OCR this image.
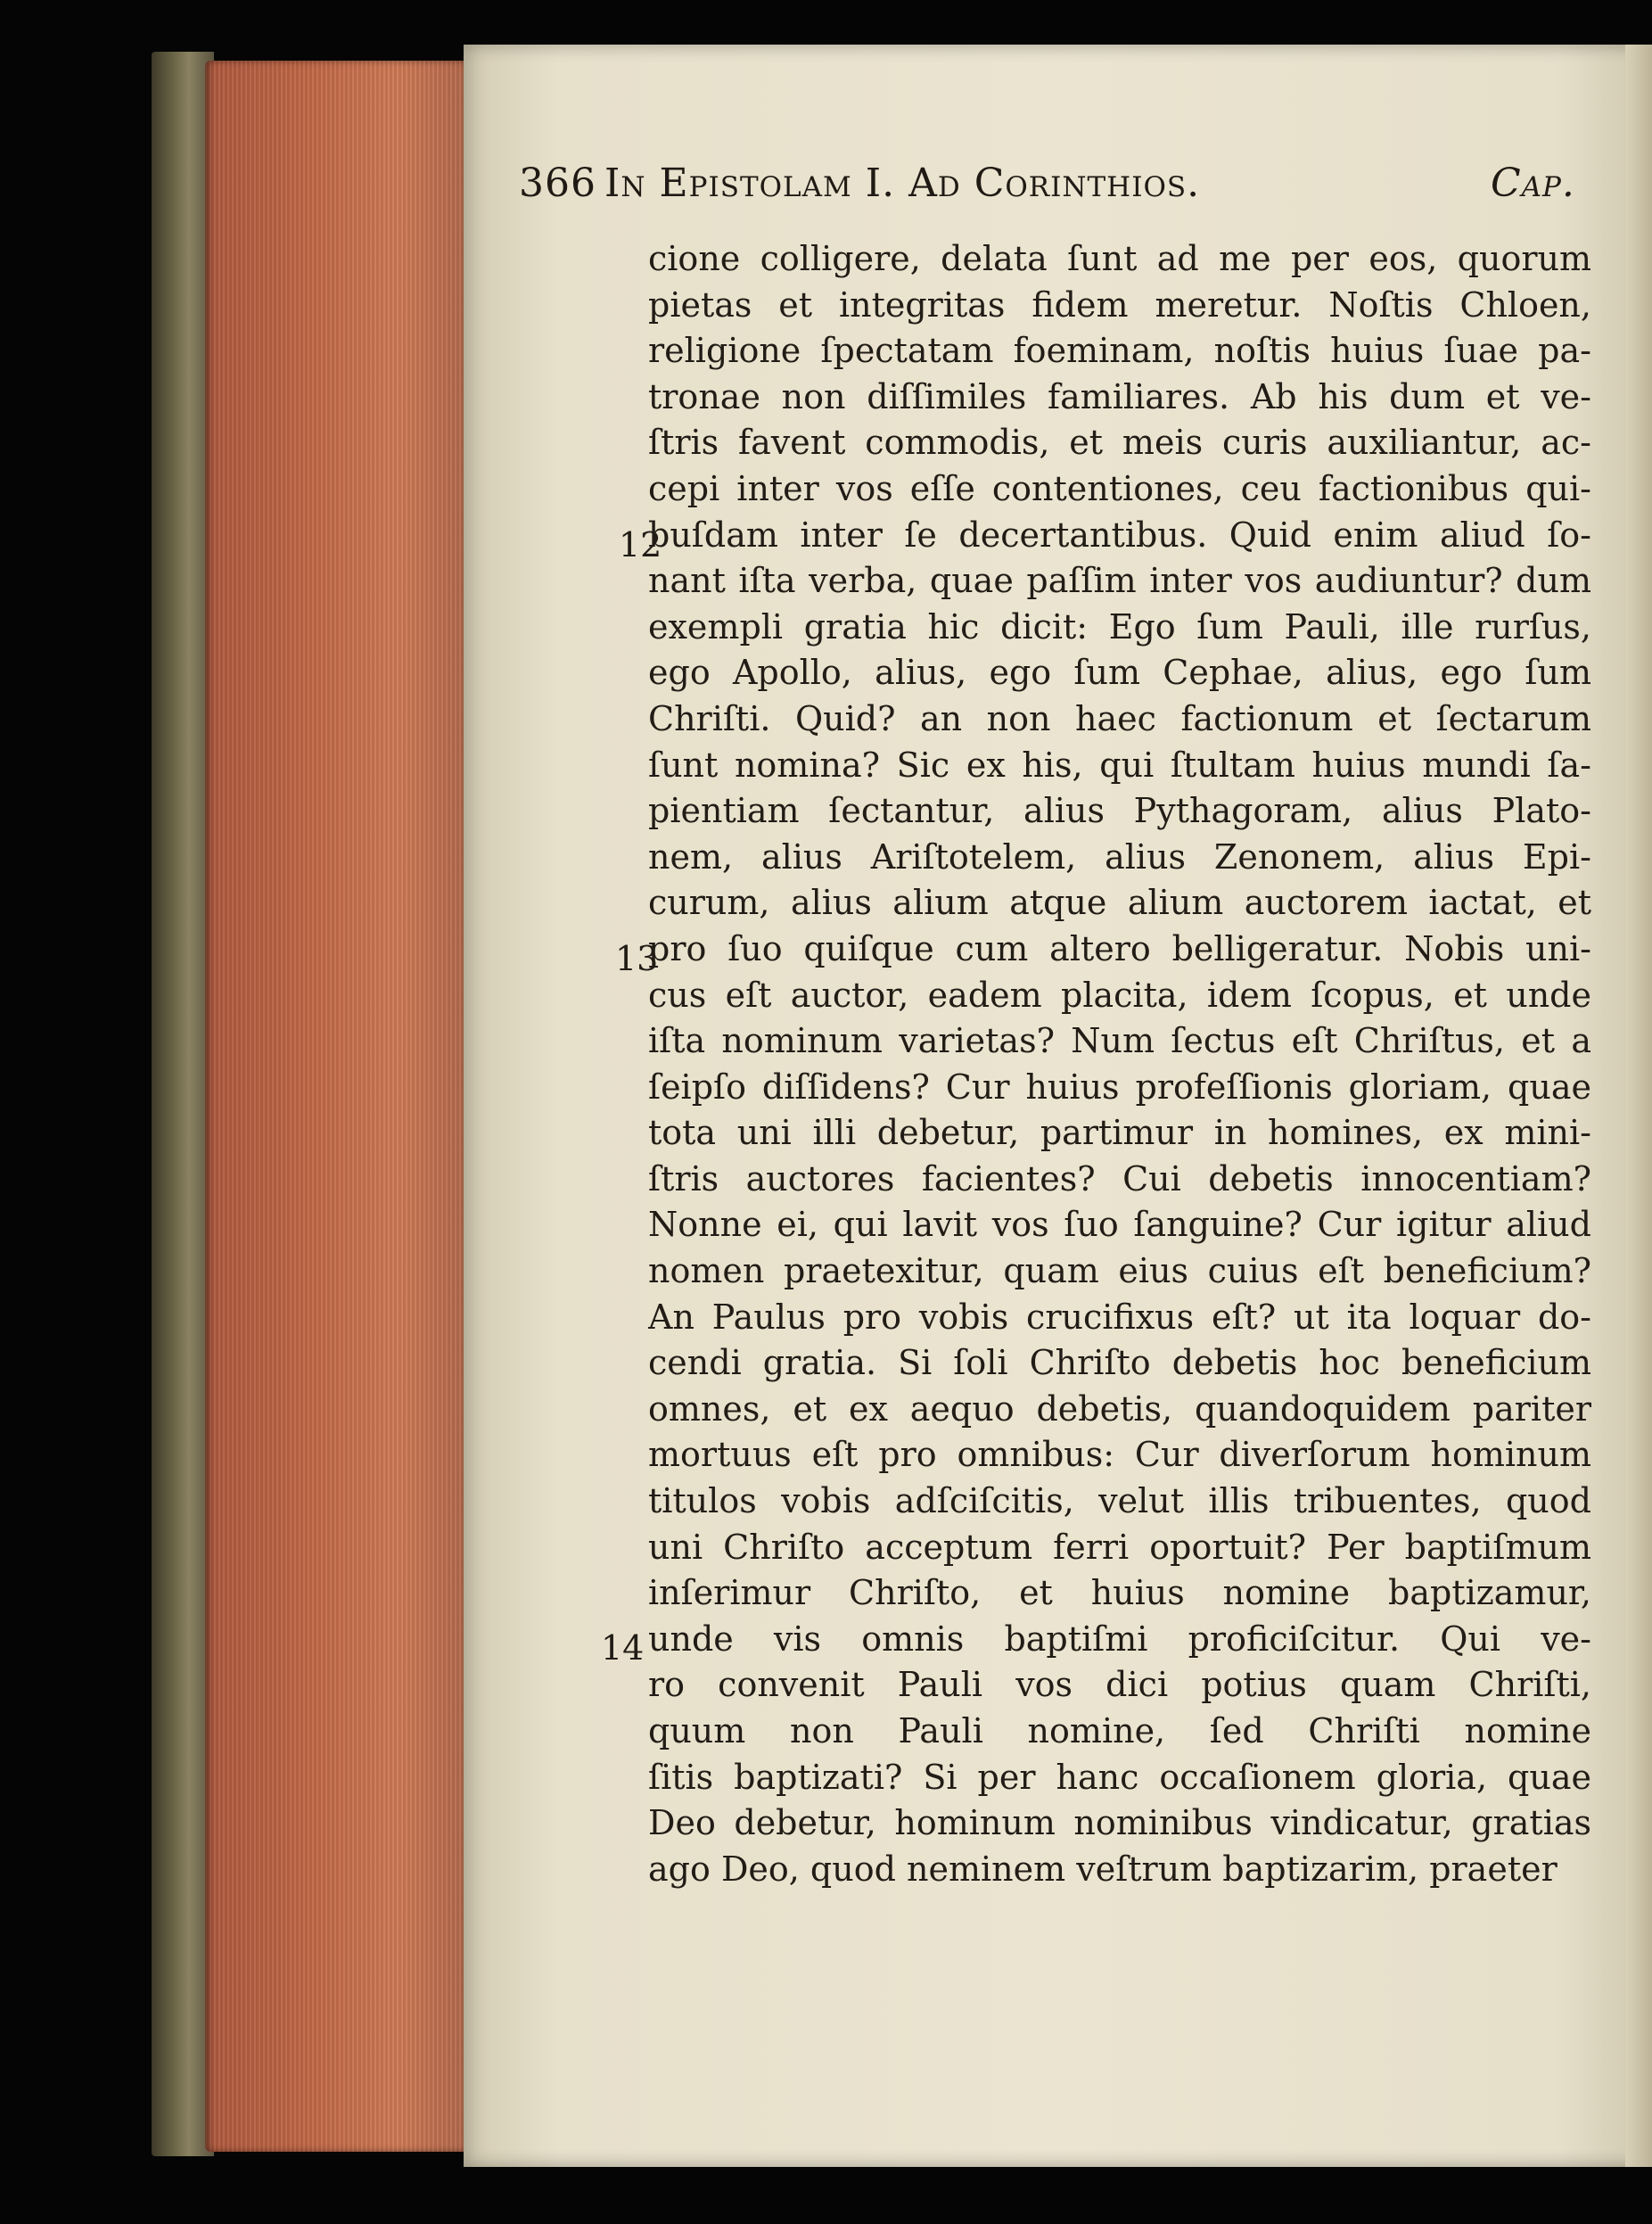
366 In Epistolam I. Ad Corinthios.	Cap.
12
13
14
cione colligere, delata ſunt ad me per eos, quorum
pietas et integritas fidem meretur. Noſtis Chloen,
religione ſpectatam foeminam, noſtis huius ſuae pa-
tronae non diſſimiles familiares. Ab his dum et ve-
ſtris favent commodis, et meis curis auxiliantur, ac-
cepi inter vos eſſe contentiones, ceu factionibus qui-
buſdam inter ſe decertantibus. Quid enim aliud ſo-
nant iſta verba, quae paſſim inter vos audiuntur? dum
exempli gratia hic dicit: Ego ſum Pauli, ille rurſus,
ego Apollo, alius, ego ſum Cephae, alius, ego ſum
Chriſti. Quid? an non haec factionum et ſectarum
ſunt nomina? Sic ex his, qui ſtultam huius mundi ſa-
pientiam ſectantur, alius Pythagoram, alius Plato-
nem, alius Ariſtotelem, alius Zenonem, alius Epi-
curum, alius alium atque alium auctorem iactat, et
pro ſuo quiſque cum altero belligeratur. Nobis uni-
cus eſt auctor, eadem placita, idem ſcopus, et unde
iſta nominum varietas? Num ſectus eſt Chriſtus, et a
ſeipſo diſſidens? Cur huius profeſſionis gloriam, quae
tota uni illi debetur, partimur in homines, ex mini-
ſtris auctores facientes? Cui debetis innocentiam?
Nonne ei, qui lavit vos ſuo ſanguine? Cur igitur aliud
nomen praetexitur, quam eius cuius eſt beneficium?
An Paulus pro vobis crucifixus eſt? ut ita loquar do-
cendi gratia. Si ſoli Chriſto debetis hoc beneficium
omnes, et ex aequo debetis, quandoquidem pariter
mortuus eſt pro omnibus: Cur diverſorum hominum
titulos vobis adſciſcitis, velut illis tribuentes, quod
uni Chriſto acceptum ferri oportuit? Per baptiſmum
inſerimur Chriſto, et huius nomine baptizamur,
unde vis omnis baptiſmi proficiſcitur. Qui ve-
ro convenit Pauli vos dici potius quam Chriſti,
quum non Pauli nomine, ſed Chriſti nomine
ſitis baptizati? Si per hanc occaſionem gloria, quae
Deo debetur, hominum nominibus vindicatur, gratias
ago Deo, quod neminem veſtrum baptizarim, praeter
